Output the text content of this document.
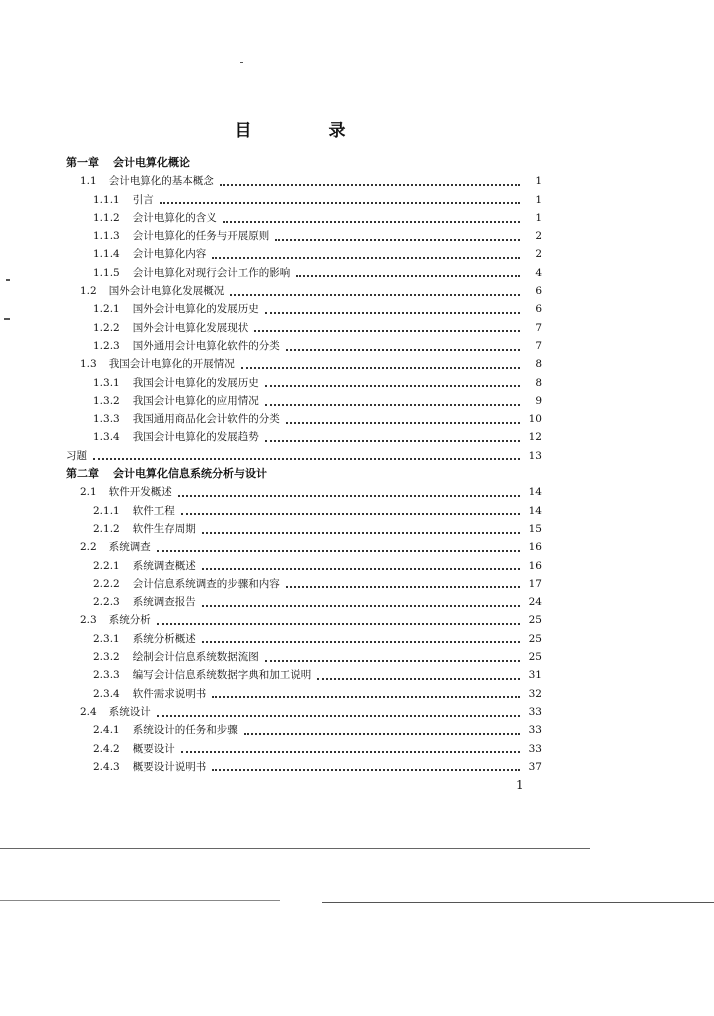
目　录
第一章 会计电算化概论
1.1 会计电算化的基本概念	1
1.1.1 引言	1
1.1.2 会计电算化的含义	1
1.1.3 会计电算化的任务与开展原则	2
1.1.4 会计电算化内容	2
1.1.5 会计电算化对现行会计工作的影响	4
1.2 国外会计电算化发展概况	6
1.2.1 国外会计电算化的发展历史	6
1.2.2 国外会计电算化发展现状	7
1.2.3 国外通用会计电算化软件的分类	7
1.3 我国会计电算化的开展情况	8
1.3.1 我国会计电算化的发展历史	8
1.3.2 我国会计电算化的应用情况	9
1.3.3 我国通用商品化会计软件的分类	10
1.3.4 我国会计电算化的发展趋势	12
习题	13
第二章 会计电算化信息系统分析与设计
2.1 软件开发概述	14
2.1.1 软件工程	14
2.1.2 软件生存周期	15
2.2 系统调查	16
2.2.1 系统调查概述	16
2.2.2 会计信息系统调查的步骤和内容	17
2.2.3 系统调查报告	24
2.3 系统分析	25
2.3.1 系统分析概述	25
2.3.2 绘制会计信息系统数据流图	25
2.3.3 编写会计信息系统数据字典和加工说明	31
2.3.4 软件需求说明书	32
2.4 系统设计	33
2.4.1 系统设计的任务和步骤	33
2.4.2 概要设计	33
2.4.3 概要设计说明书	37
1
